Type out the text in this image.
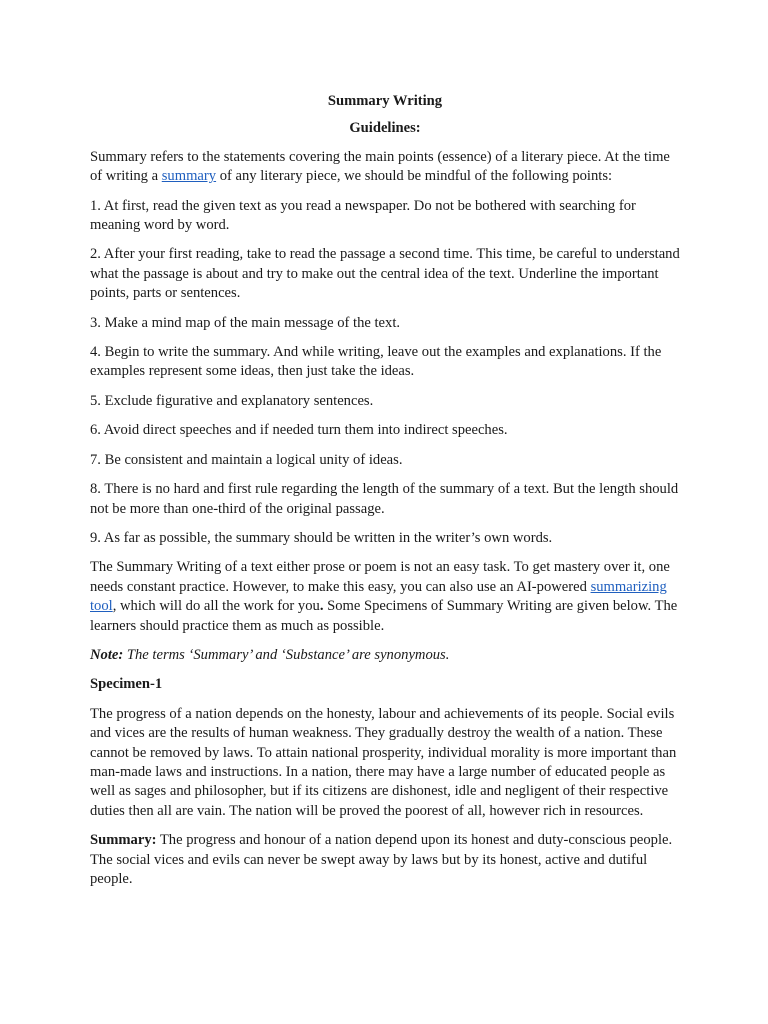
Summary Writing
Guidelines:

Summary refers to the statements covering the main points (essence) of a literary piece. At the time of writing a summary of any literary piece, we should be mindful of the following points:

1. At first, read the given text as you read a newspaper. Do not be bothered with searching for meaning word by word.

2. After your first reading, take to read the passage a second time. This time, be careful to understand what the passage is about and try to make out the central idea of the text. Underline the important points, parts or sentences.

3. Make a mind map of the main message of the text.

4. Begin to write the summary. And while writing, leave out the examples and explanations. If the examples represent some ideas, then just take the ideas.

5. Exclude figurative and explanatory sentences.

6. Avoid direct speeches and if needed turn them into indirect speeches.

7. Be consistent and maintain a logical unity of ideas.

8. There is no hard and first rule regarding the length of the summary of a text. But the length should not be more than one-third of the original passage.

9. As far as possible, the summary should be written in the writer’s own words.

The Summary Writing of a text either prose or poem is not an easy task. To get mastery over it, one needs constant practice. However, to make this easy, you can also use an AI-powered summarizing tool, which will do all the work for you. Some Specimens of Summary Writing are given below. The learners should practice them as much as possible.

Note: The terms ‘Summary’ and ‘Substance’ are synonymous.

Specimen-1

The progress of a nation depends on the honesty, labour and achievements of its people. Social evils and vices are the results of human weakness. They gradually destroy the wealth of a nation. These cannot be removed by laws. To attain national prosperity, individual morality is more important than man-made laws and instructions. In a nation, there may have a large number of educated people as well as sages and philosopher, but if its citizens are dishonest, idle and negligent of their respective duties then all are vain. The nation will be proved the poorest of all, however rich in resources.

Summary: The progress and honour of a nation depend upon its honest and duty-conscious people. The social vices and evils can never be swept away by laws but by its honest, active and dutiful people.
